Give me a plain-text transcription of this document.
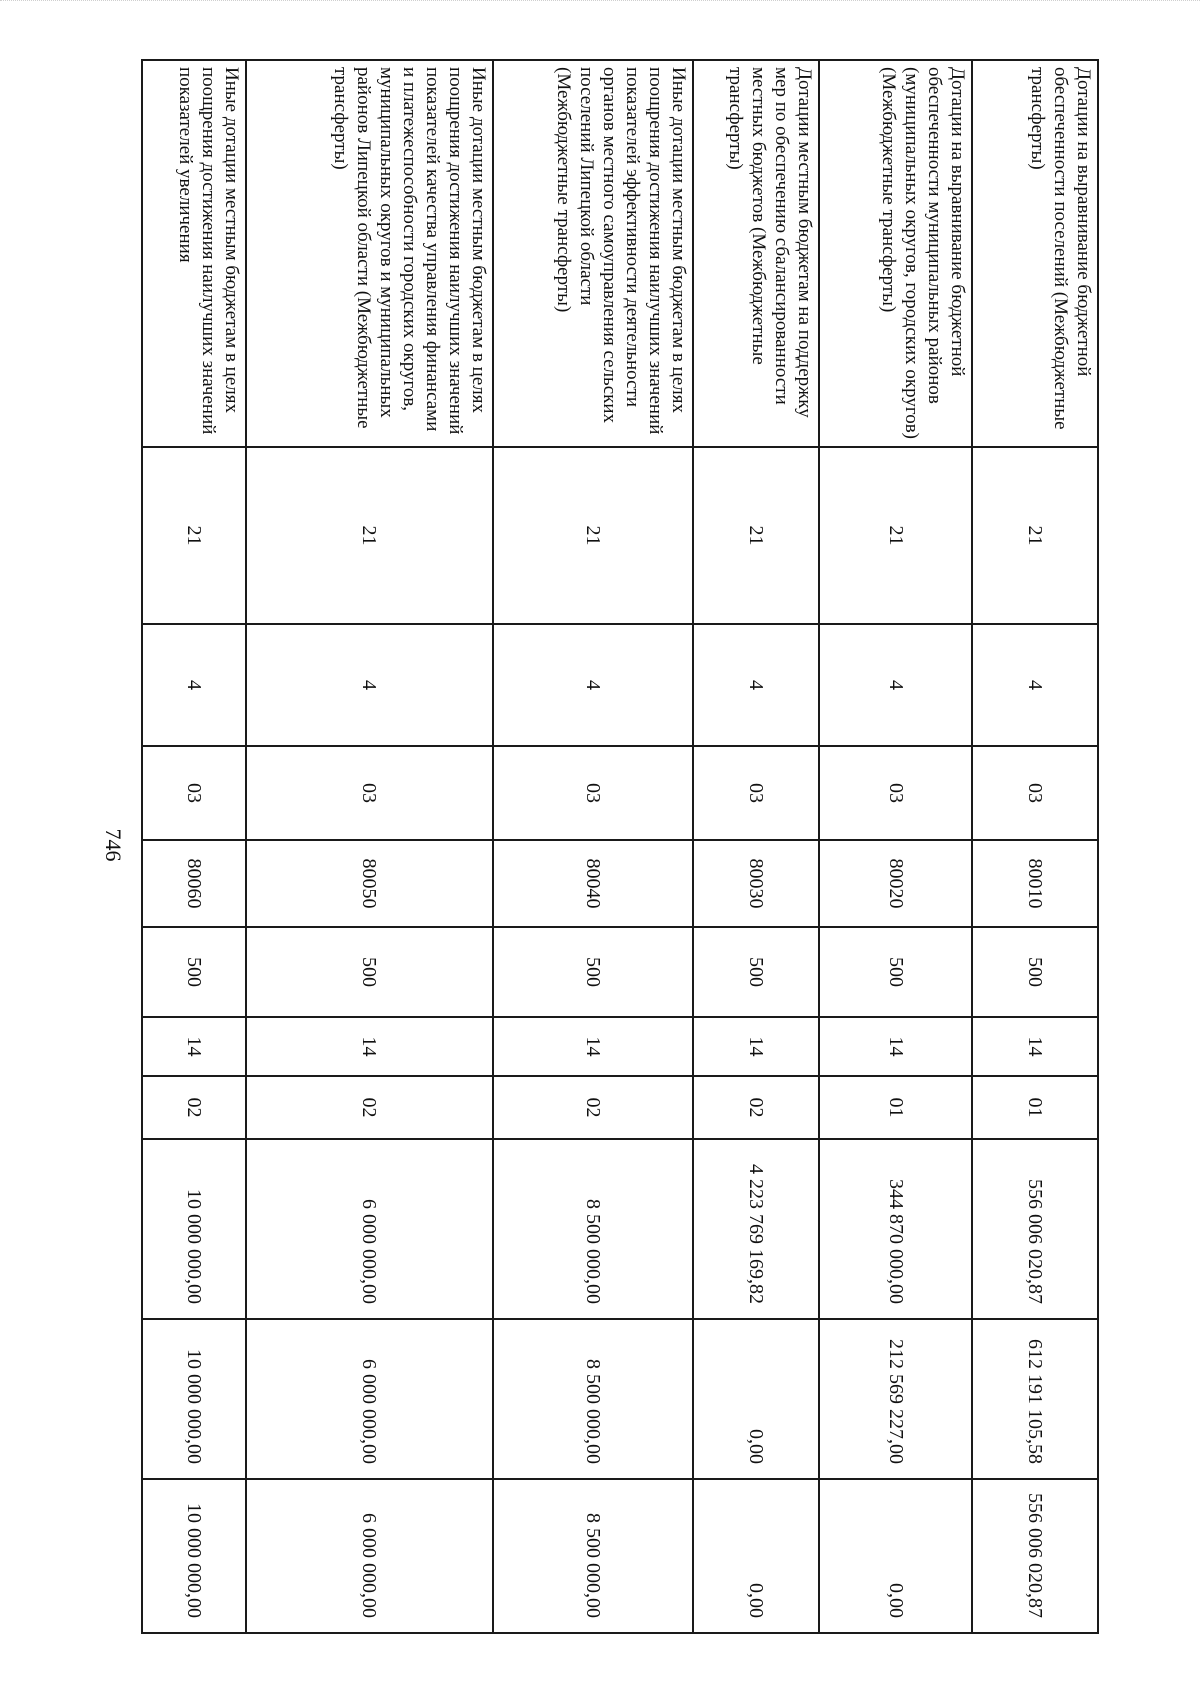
746
Дотации на выравнивание бюджетной обеспеченности поселений (Межбюджетные трансферты)	21	4	03	80010	500	14	01	556 006 020,87	612 191 105,58	556 006 020,87
Дотации на выравнивание бюджетной обеспеченности муниципальных районов (муниципальных округов, городских округов) (Межбюджетные трансферты)	21	4	03	80020	500	14	01	344 870 000,00	212 569 227,00	0,00
Дотации местным бюджетам на поддержку мер по обеспечению сбалансированности местных бюджетов (Межбюджетные трансферты)	21	4	03	80030	500	14	02	4 223 769 169,82	0,00	0,00
Иные дотации местным бюджетам в целях поощрения достижения наилучших значений показателей эффективности деятельности органов местного самоуправления сельских поселений Липецкой области (Межбюджетные трансферты)	21	4	03	80040	500	14	02	8 500 000,00	8 500 000,00	8 500 000,00
Иные дотации местным бюджетам в целях поощрения достижения наилучших значений показателей качества управления финансами и платежеспособности городских округов, муниципальных округов и муниципальных районов Липецкой области (Межбюджетные трансферты)	21	4	03	80050	500	14	02	6 000 000,00	6 000 000,00	6 000 000,00
Иные дотации местным бюджетам в целях поощрения достижения наилучших значений показателей увеличения	21	4	03	80060	500	14	02	10 000 000,00	10 000 000,00	10 000 000,00
